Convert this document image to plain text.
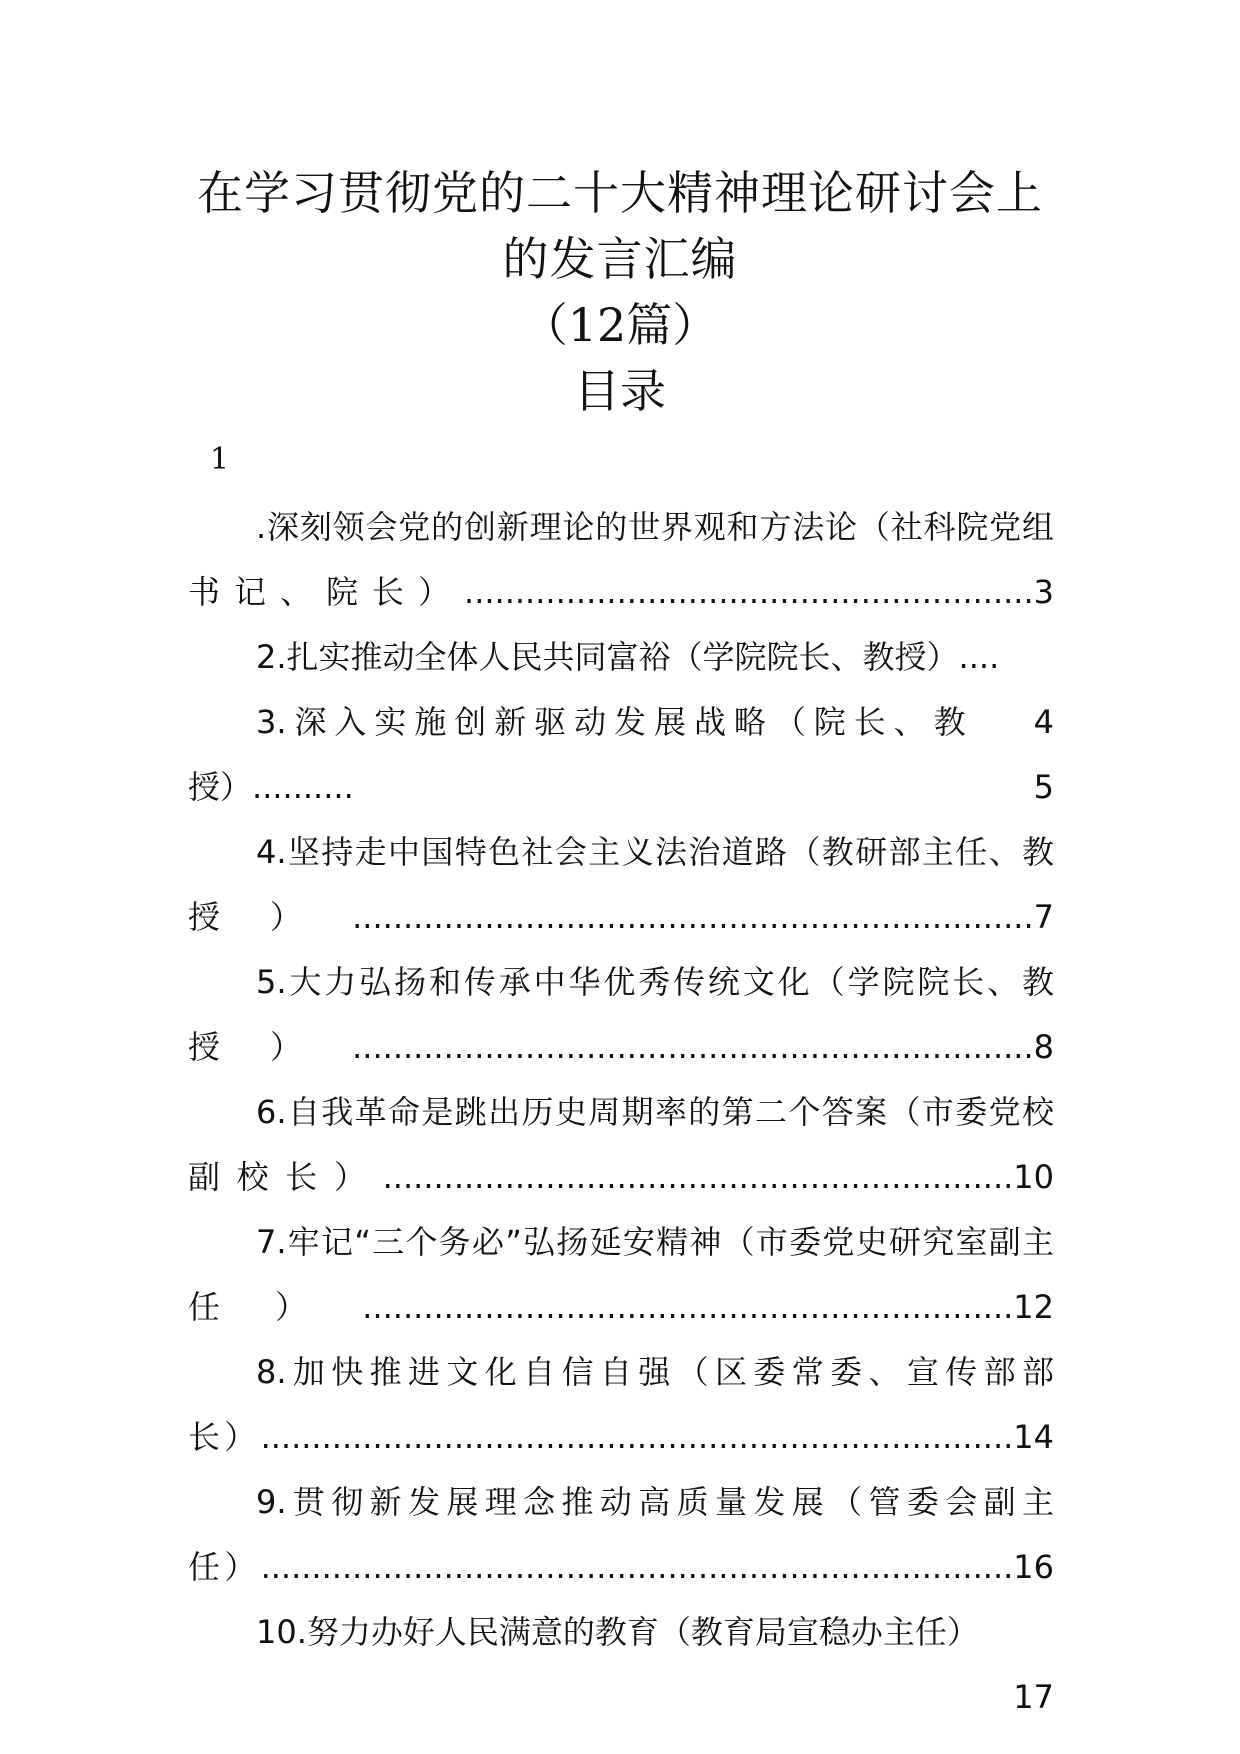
在学习贯彻党的二十大精神理论研讨会上
的发言汇编
（12篇）
目录
1
.深刻领会党的创新理论的世界观和方法论（社科院党组书记、院长）........................................................3
2.扎实推动全体人民共同富裕（学院院长、教授）....
4
3.深入实施创新驱动发展战略（院长、教授）..........	5
4.坚持走中国特色社会主义法治道路（教研部主任、教授）...................................................................7
5.大力弘扬和传承中华优秀传统文化（学院院长、教授）...................................................................8
6.自我革命是跳出历史周期率的第二个答案（市委党校副校长）..............................................................10
7.牢记“三个务必”弘扬延安精神（市委党史研究室副主任）................................................................12
8.加快推进文化自信自强（区委常委、宣传部部长）..........................................................................14
9.贯彻新发展理念推动高质量发展（管委会副主任）..........................................................................16
10.努力办好人民满意的教育（教育局宣稳办主任）
17
